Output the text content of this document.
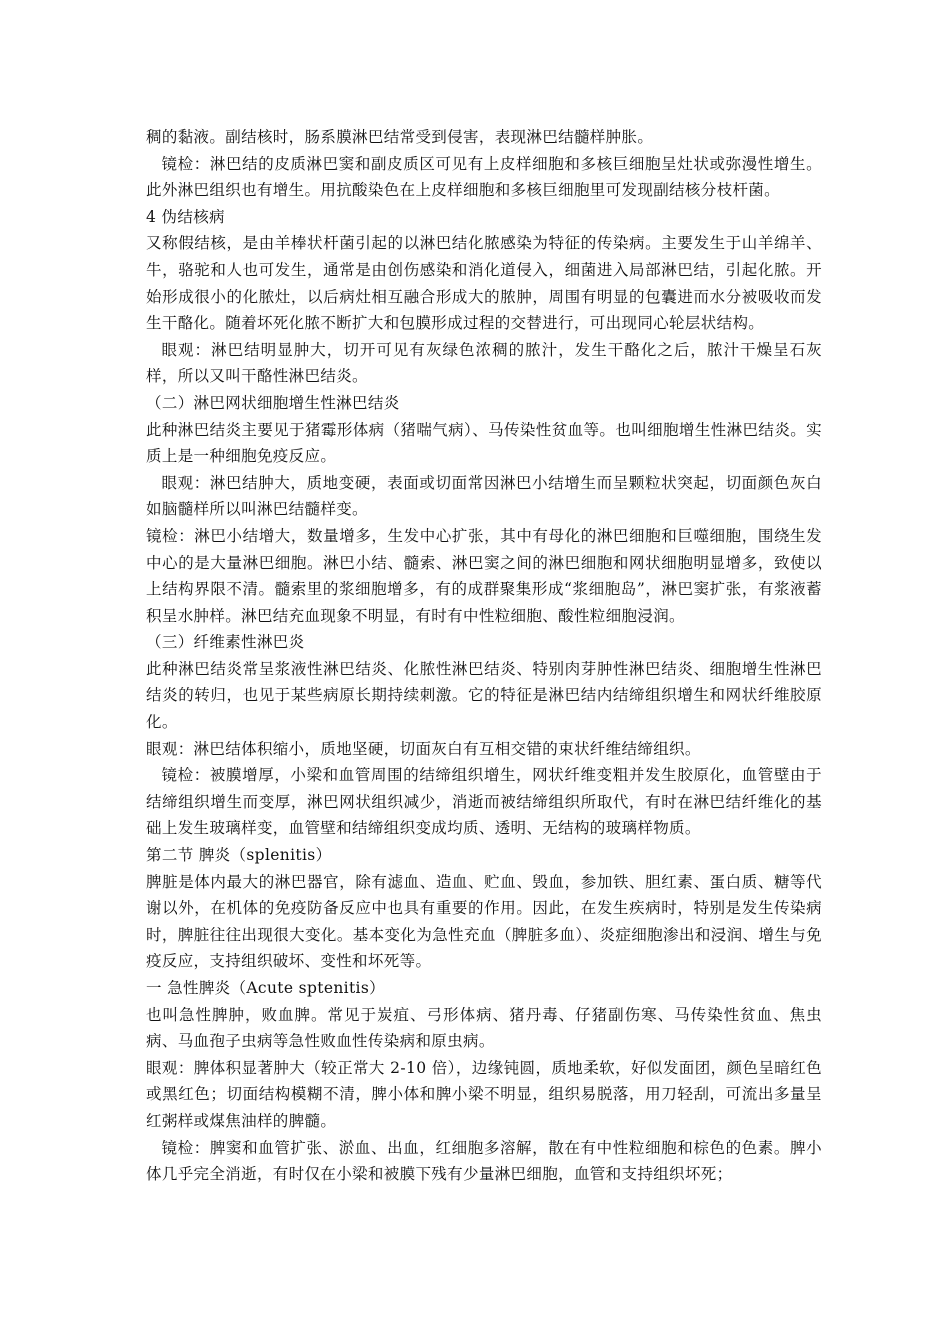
稠的黏液。副结核时，肠系膜淋巴结常受到侵害，表现淋巴结髓样肿胀。

镜检：淋巴结的皮质淋巴窦和副皮质区可见有上皮样细胞和多核巨细胞呈灶状或弥漫性增生。此外淋巴组织也有增生。用抗酸染色在上皮样细胞和多核巨细胞里可发现副结核分枝杆菌。

4 伪结核病

又称假结核，是由羊棒状杆菌引起的以淋巴结化脓感染为特征的传染病。主要发生于山羊绵羊、牛，骆驼和人也可发生，通常是由创伤感染和消化道侵入，细菌进入局部淋巴结，引起化脓。开始形成很小的化脓灶，以后病灶相互融合形成大的脓肿，周围有明显的包囊进而水分被吸收而发生干酪化。随着坏死化脓不断扩大和包膜形成过程的交替进行，可出现同心轮层状结构。

眼观：淋巴结明显肿大，切开可见有灰绿色浓稠的脓汁，发生干酪化之后，脓汁干燥呈石灰样，所以又叫干酪性淋巴结炎。

（二）淋巴网状细胞增生性淋巴结炎

此种淋巴结炎主要见于猪霉形体病（猪喘气病）、马传染性贫血等。也叫细胞增生性淋巴结炎。实质上是一种细胞免疫反应。

眼观：淋巴结肿大，质地变硬，表面或切面常因淋巴小结增生而呈颗粒状突起，切面颜色灰白如脑髓样所以叫淋巴结髓样变。

镜检：淋巴小结增大，数量增多，生发中心扩张，其中有母化的淋巴细胞和巨噬细胞，围绕生发中心的是大量淋巴细胞。淋巴小结、髓索、淋巴窦之间的淋巴细胞和网状细胞明显增多，致使以上结构界限不清。髓索里的浆细胞增多，有的成群聚集形成“浆细胞岛”，淋巴窦扩张，有浆液蓄积呈水肿样。淋巴结充血现象不明显，有时有中性粒细胞、酸性粒细胞浸润。

（三）纤维素性淋巴炎

此种淋巴结炎常呈浆液性淋巴结炎、化脓性淋巴结炎、特别肉芽肿性淋巴结炎、细胞增生性淋巴结炎的转归，也见于某些病原长期持续刺激。它的特征是淋巴结内结缔组织增生和网状纤维胶原化。

眼观：淋巴结体积缩小，质地坚硬，切面灰白有互相交错的束状纤维结缔组织。

镜检：被膜增厚，小梁和血管周围的结缔组织增生，网状纤维变粗并发生胶原化，血管壁由于结缔组织增生而变厚，淋巴网状组织减少，消逝而被结缔组织所取代，有时在淋巴结纤维化的基础上发生玻璃样变，血管壁和结缔组织变成均质、透明、无结构的玻璃样物质。

第二节 脾炎（splenitis）

脾脏是体内最大的淋巴器官，除有滤血、造血、贮血、毁血，参加铁、胆红素、蛋白质、糖等代谢以外，在机体的免疫防备反应中也具有重要的作用。因此，在发生疾病时，特别是发生传染病时，脾脏往往出现很大变化。基本变化为急性充血（脾脏多血）、炎症细胞渗出和浸润、增生与免疫反应，支持组织破坏、变性和坏死等。

一 急性脾炎（Acute sptenitis）

也叫急性脾肿，败血脾。常见于炭疽、弓形体病、猪丹毒、仔猪副伤寒、马传染性贫血、焦虫病、马血孢子虫病等急性败血性传染病和原虫病。

眼观：脾体积显著肿大（较正常大 2-10 倍），边缘钝圆，质地柔软，好似发面团，颜色呈暗红色或黑红色；切面结构模糊不清，脾小体和脾小梁不明显，组织易脱落，用刀轻刮，可流出多量呈红粥样或煤焦油样的脾髓。

镜检：脾窦和血管扩张、淤血、出血，红细胞多溶解，散在有中性粒细胞和棕色的色素。脾小体几乎完全消逝，有时仅在小梁和被膜下残有少量淋巴细胞，血管和支持组织坏死；
